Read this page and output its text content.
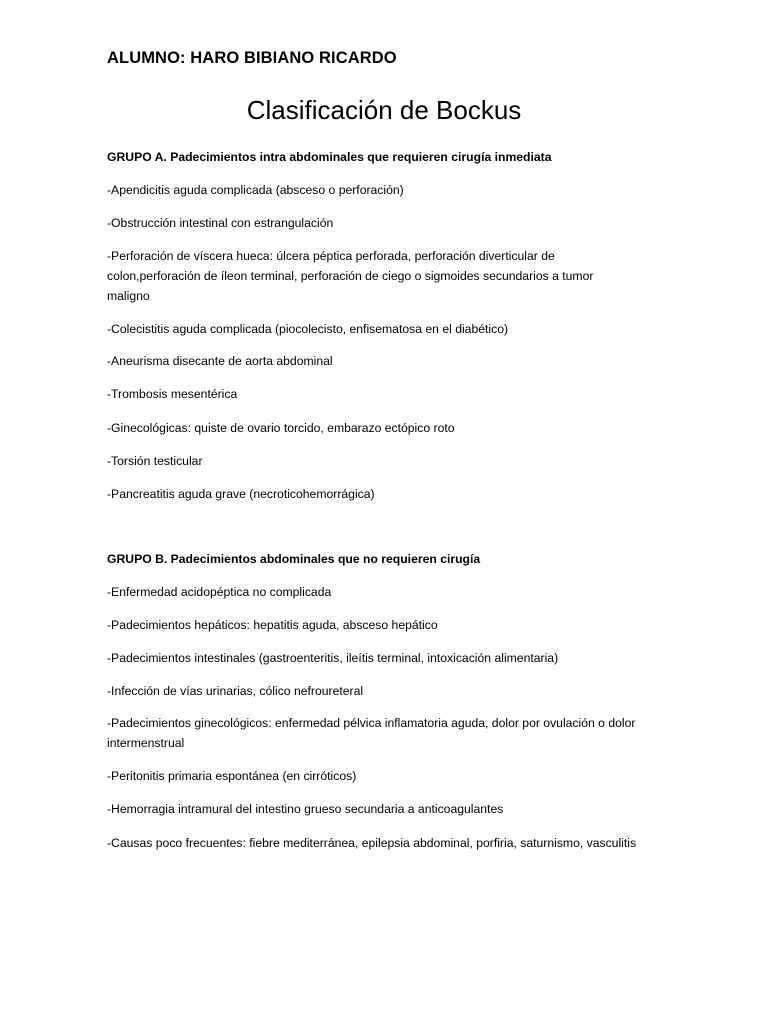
ALUMNO: HARO BIBIANO RICARDO
Clasificación de Bockus

GRUPO A. Padecimientos intra abdominales que requieren cirugía inmediata

-Apendicitis aguda complicada (absceso o perforación)

-Obstrucción intestinal con estrangulación

-Perforación de víscera hueca: úlcera péptica perforada, perforación diverticular de colon,perforación de íleon terminal, perforación de ciego o sigmoides secundarios a tumor maligno

-Colecistitis aguda complicada (piocolecisto, enfisematosa en el diabético)

-Aneurisma disecante de aorta abdominal

-Trombosis mesentérica

-Ginecológicas: quiste de ovario torcido, embarazo ectópico roto

-Torsión testicular

-Pancreatitis aguda grave (necroticohemorrágica)

GRUPO B. Padecimientos abdominales que no requieren cirugía

-Enfermedad acidopéptica no complicada

-Padecimientos hepáticos: hepatitis aguda, absceso hepático

-Padecimientos intestinales (gastroenteritis, ileítis terminal, intoxicación alimentaria)

-Infección de vías urinarias, cólico nefroureteral

-Padecimientos ginecológicos: enfermedad pélvica inflamatoria aguda, dolor por ovulación o dolor intermenstrual

-Peritonitis primaria espontánea (en cirróticos)

-Hemorragia intramural del intestino grueso secundaria a anticoagulantes

-Causas poco frecuentes: fiebre mediterránea, epilepsia abdominal, porfiria, saturnismo, vasculitis
